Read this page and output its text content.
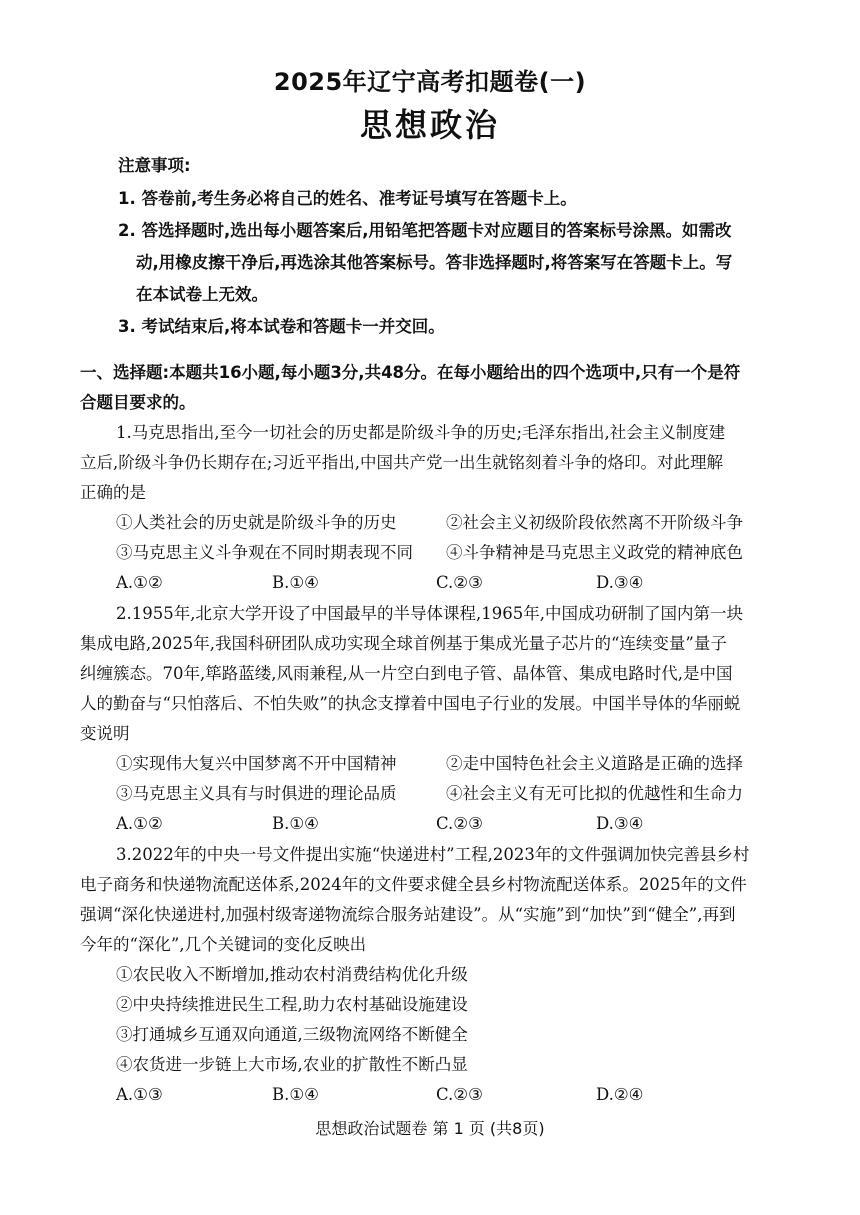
2025年辽宁高考扣题卷(一)
思想政治
注意事项:
1. 答卷前,考生务必将自己的姓名、准考证号填写在答题卡上。
2. 答选择题时,选出每小题答案后,用铅笔把答题卡对应题目的答案标号涂黑。如需改
动,用橡皮擦干净后,再选涂其他答案标号。答非选择题时,将答案写在答题卡上。写
在本试卷上无效。
3. 考试结束后,将本试卷和答题卡一并交回。
一、选择题:本题共16小题,每小题3分,共48分。在每小题给出的四个选项中,只有一个是符
合题目要求的。
1.马克思指出,至今一切社会的历史都是阶级斗争的历史;毛泽东指出,社会主义制度建
立后,阶级斗争仍长期存在;习近平指出,中国共产党一出生就铭刻着斗争的烙印。对此理解
正确的是
①人类社会的历史就是阶级斗争的历史	②社会主义初级阶段依然离不开阶级斗争
③马克思主义斗争观在不同时期表现不同 ④斗争精神是马克思主义政党的精神底色
A.①②	B.①④	C.②③	D.③④
2.1955年,北京大学开设了中国最早的半导体课程,1965年,中国成功研制了国内第一块
集成电路,2025年,我国科研团队成功实现全球首例基于集成光量子芯片的“连续变量”量子
纠缠簇态。70年,筚路蓝缕,风雨兼程,从一片空白到电子管、晶体管、集成电路时代,是中国
人的勤奋与“只怕落后、不怕失败”的执念支撑着中国电子行业的发展。中国半导体的华丽蜕
变说明
①实现伟大复兴中国梦离不开中国精神	②走中国特色社会主义道路是正确的选择
③马克思主义具有与时俱进的理论品质	④社会主义有无可比拟的优越性和生命力
A.①②	B.①④	C.②③	D.③④
3.2022年的中央一号文件提出实施“快递进村”工程,2023年的文件强调加快完善县乡村
电子商务和快递物流配送体系,2024年的文件要求健全县乡村物流配送体系。2025年的文件
强调“深化快递进村,加强村级寄递物流综合服务站建设”。从“实施”到“加快”到“健全”,再到
今年的“深化”,几个关键词的变化反映出
①农民收入不断增加,推动农村消费结构优化升级
②中央持续推进民生工程,助力农村基础设施建设
③打通城乡互通双向通道,三级物流网络不断健全
④农货进一步链上大市场,农业的扩散性不断凸显
A.①③	B.①④	C.②③	D.②④
思想政治试题卷 第 1 页 (共8页)
